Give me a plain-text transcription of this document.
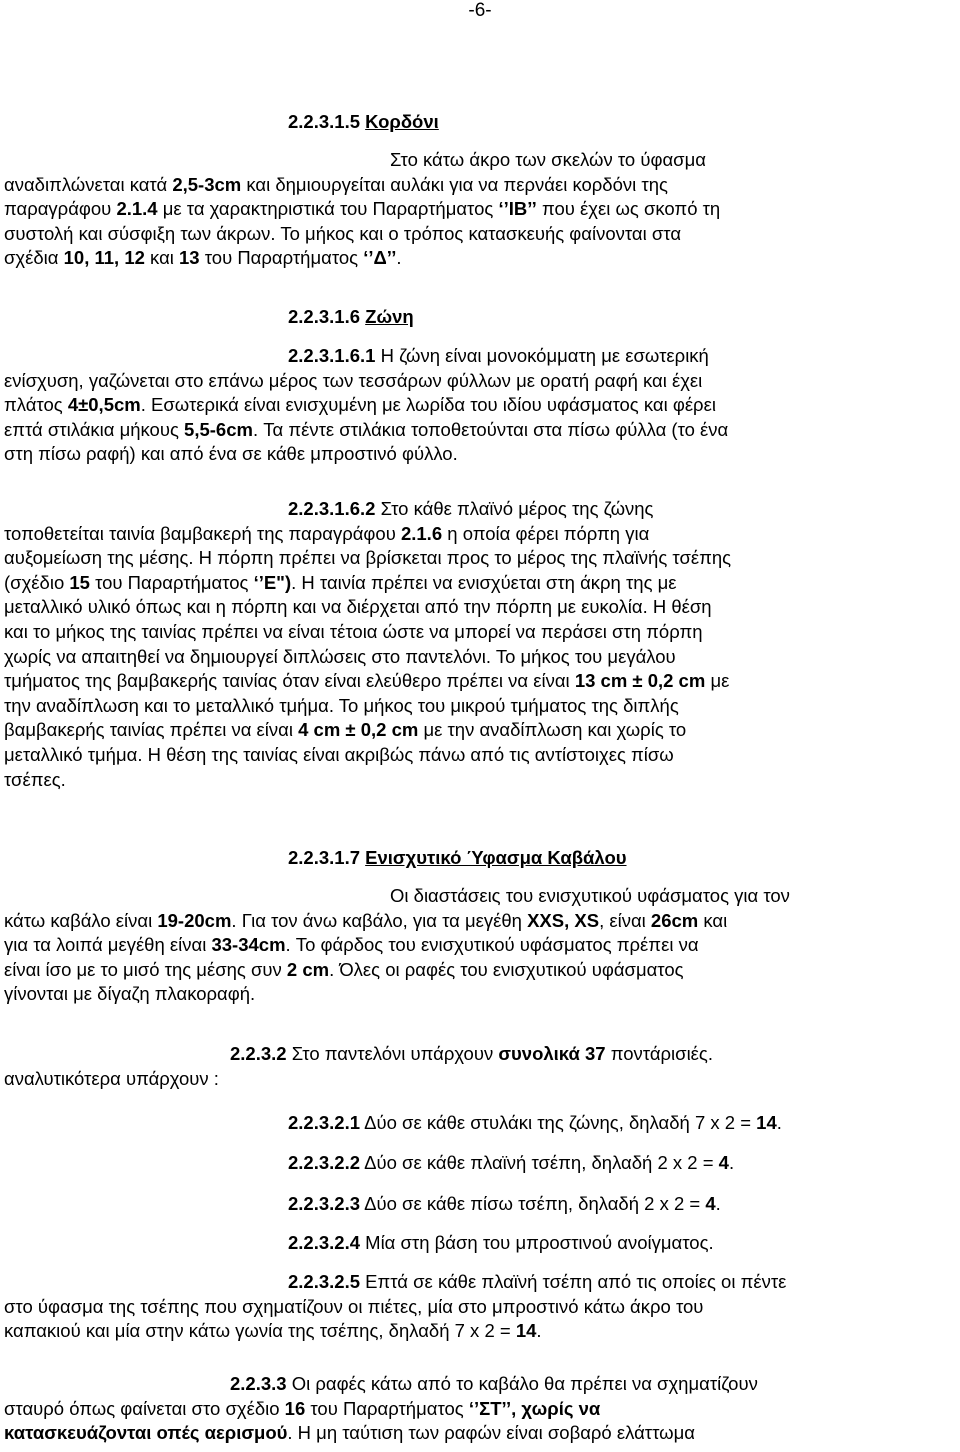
-6-

2.2.3.1.5 Κορδόνι

Στο κάτω άκρο των σκελών το ύφασμα

αναδιπλώνεται κατά 2,5-3cm και δημιουργείται αυλάκι για να περνάει κορδόνι της

παραγράφου 2.1.4 με τα χαρακτηριστικά του Παραρτήματος ‘’ΙΒ’’ που έχει ως σκοπό τη

συστολή και σύσφιξη των άκρων. Το μήκος και ο τρόπος κατασκευής φαίνονται στα

σχέδια 10, 11, 12 και 13 του Παραρτήματος ‘’Δ’’.

2.2.3.1.6 Ζώνη

2.2.3.1.6.1 Η ζώνη είναι μονοκόμματη με εσωτερική

ενίσχυση, γαζώνεται στο επάνω μέρος των τεσσάρων φύλλων με ορατή ραφή και έχει

πλάτος 4±0,5cm. Εσωτερικά είναι ενισχυμένη με λωρίδα του ιδίου υφάσματος και φέρει

επτά στιλάκια μήκους 5,5-6cm. Τα πέντε στιλάκια τοποθετούνται στα πίσω φύλλα (το ένα

στη πίσω ραφή) και από ένα σε κάθε μπροστινό φύλλο.

2.2.3.1.6.2 Στο κάθε πλαϊνό μέρος της ζώνης

τοποθετείται ταινία βαμβακερή της παραγράφου 2.1.6 η οποία φέρει πόρπη για

αυξομείωση της μέσης. Η πόρπη πρέπει να βρίσκεται προς το μέρος της πλαϊνής τσέπης

(σχέδιο 15 του Παραρτήματος ‘’Ε"). Η ταινία πρέπει να ενισχύεται στη άκρη της με

μεταλλικό υλικό όπως και η πόρπη και να διέρχεται από την πόρπη με ευκολία. Η θέση

και το μήκος της ταινίας πρέπει να είναι τέτοια ώστε να μπορεί να περάσει στη πόρπη

χωρίς να απαιτηθεί να δημιουργεί διπλώσεις στο παντελόνι. Το μήκος του μεγάλου

τμήματος της βαμβακερής ταινίας όταν είναι ελεύθερο πρέπει να είναι 13 cm ± 0,2 cm με

την αναδίπλωση και το μεταλλικό τμήμα. Το μήκος του μικρού τμήματος της διπλής

βαμβακερής ταινίας πρέπει να είναι 4 cm ± 0,2 cm με την αναδίπλωση και χωρίς το

μεταλλικό τμήμα. Η θέση της ταινίας είναι ακριβώς πάνω από τις αντίστοιχες πίσω

τσέπες.

2.2.3.1.7 Ενισχυτικό Ύφασμα Καβάλου

Οι διαστάσεις του ενισχυτικού υφάσματος για τον

κάτω καβάλο είναι 19-20cm. Για τον άνω καβάλο, για τα μεγέθη XXS, XS, είναι 26cm και

για τα λοιπά μεγέθη είναι 33-34cm. Το φάρδος του ενισχυτικού υφάσματος πρέπει να

είναι ίσο με το μισό της μέσης συν 2 cm. Όλες οι ραφές του ενισχυτικού υφάσματος

γίνονται με δίγαζη πλακοραφή.

2.2.3.2 Στο παντελόνι υπάρχουν συνολικά 37 ποντάρισιές.

αναλυτικότερα υπάρχουν :

2.2.3.2.1 Δύο σε κάθε στυλάκι της ζώνης, δηλαδή 7 x 2 = 14.

2.2.3.2.2 Δύο σε κάθε πλαϊνή τσέπη, δηλαδή 2 x 2 = 4.

2.2.3.2.3 Δύο σε κάθε πίσω τσέπη, δηλαδή 2 x 2 = 4.

2.2.3.2.4 Μία στη βάση του μπροστινού ανοίγματος.

2.2.3.2.5 Επτά σε κάθε πλαϊνή τσέπη από τις οποίες οι πέντε

στο ύφασμα της τσέπης που σχηματίζουν οι πιέτες, μία στο μπροστινό κάτω άκρο του

καπακιού και μία στην κάτω γωνία της τσέπης, δηλαδή 7 x 2 = 14.

2.2.3.3 Οι ραφές κάτω από το καβάλο θα πρέπει να σχηματίζουν

σταυρό όπως φαίνεται στο σχέδιο 16 του Παραρτήματος ‘’ΣΤ’’, χωρίς να

κατασκευάζονται οπές αερισμού. Η μη ταύτιση των ραφών είναι σοβαρό ελάττωμα
